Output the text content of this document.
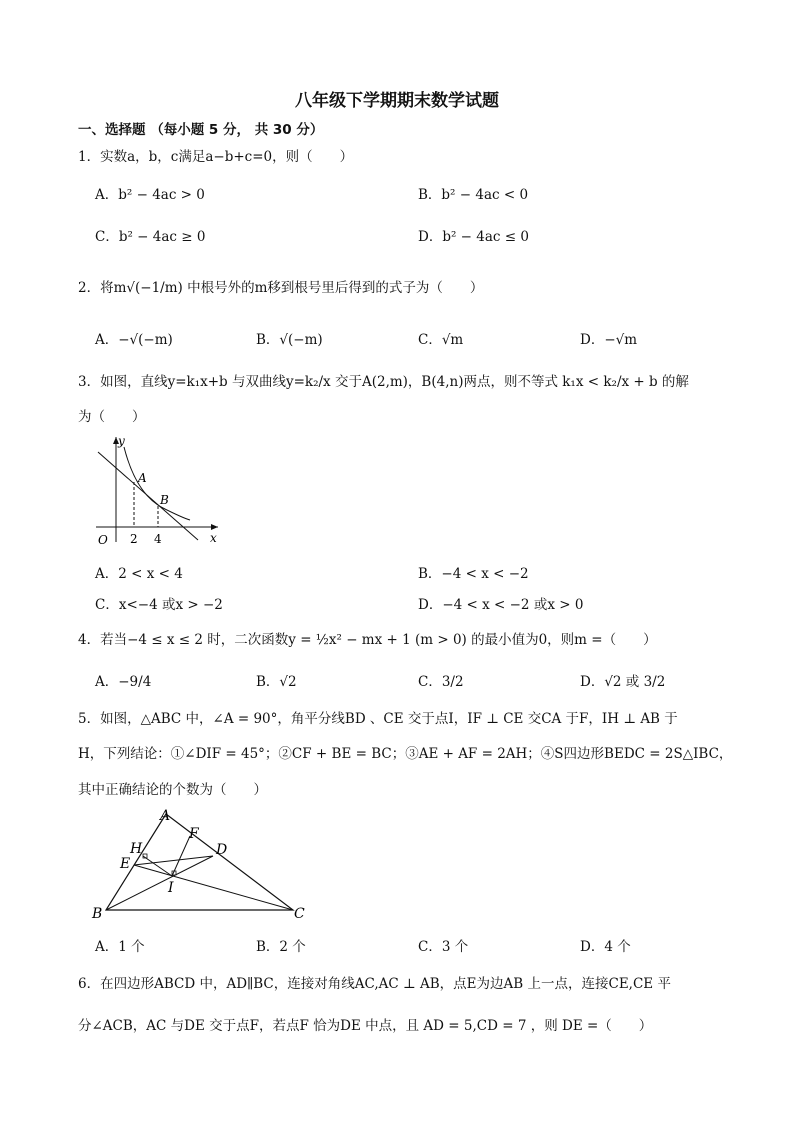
八年级下学期期末数学试题
一、选择题 （每小题 5 分， 共 30 分）
1．实数a，b，c满足a−b+c=0，则（　　）
A．b² − 4ac > 0	B．b² − 4ac < 0
C．b² − 4ac ≥ 0	D．b² − 4ac ≤ 0
2．将m√(−1/m) 中根号外的m移到根号里后得到的式子为（　　）
A．−√(−m)	B．√(−m)	C．√m	D．−√m
3．如图，直线y=k₁x+b 与双曲线y=k₂/x 交于A(2,m)，B(4,n)两点，则不等式 k₁x < k₂/x + b 的解
为（　　）
y
x
O
A
B
2 4
A．2 < x < 4	B．−4 < x < −2
C．x<−4 或x > −2	D．−4 < x < −2 或x > 0
4．若当−4 ≤ x ≤ 2 时，二次函数y = ½x² − mx + 1 (m > 0) 的最小值为0，则m =（　　）
A．−9/4	B．√2	C．3/2	D．√2 或 3/2
5．如图，△ABC 中，∠A = 90°，角平分线BD 、CE 交于点I，IF ⊥ CE 交CA 于F，IH ⊥ AB 于
H，下列结论：①∠DIF = 45°；②CF + BE = BC；③AE + AF = 2AH；④S四边形BEDC = 2S△IBC，
其中正确结论的个数为（　　）
A
B	C
D
E
F
H
I
A．1 个	B．2 个	C．3 个	D．4 个
6．在四边形ABCD 中，AD∥BC，连接对角线AC,AC ⊥ AB，点E为边AB 上一点，连接CE,CE 平
分∠ACB，AC 与DE 交于点F，若点F 恰为DE 中点，且 AD = 5,CD = 7 ，则 DE =（　　）
